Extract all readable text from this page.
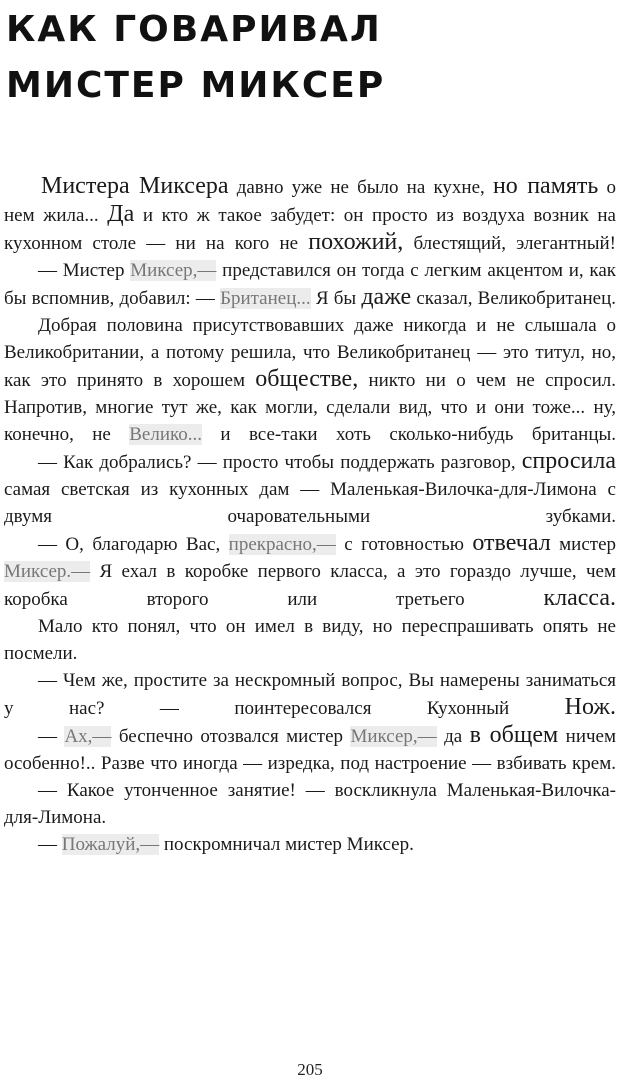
КАК ГОВАРИВАЛ
МИСТЕР МИКСЕР

Мистера Миксера давно уже не было на кухне, но память о нем жила... Да и кто ж такое забудет: он просто из воздуха возник на кухонном столе — ни на кого не похожий, блестящий, элегантный!

— Мистер Миксер,— представился он тогда с легким акцентом и, как бы вспомнив, добавил: — Британец... Я бы даже сказал, Великобританец.

Добрая половина присутствовавших даже никогда и не слышала о Великобритании, а потому решила, что Великобританец — это титул, но, как это принято в хорошем обществе, никто ни о чем не спросил. Напротив, многие тут же, как могли, сделали вид, что и они тоже... ну, конечно, не Велико... и все-таки хоть сколько-нибудь британцы.

— Как добрались? — просто чтобы поддержать разговор, спросила самая светская из кухонных дам — Маленькая-Вилочка-для-Лимона с двумя очаровательными зубками.

— О, благодарю Вас, прекрасно,— с готовностью отвечал мистер Миксер.— Я ехал в коробке первого класса, а это гораздо лучше, чем коробка второго или третьего класса.

Мало кто понял, что он имел в виду, но переспрашивать опять не посмели.

— Чем же, простите за нескромный вопрос, Вы намерены заниматься у нас? — поинтересовался Кухонный Нож.

— Ах,— беспечно отозвался мистер Миксер,— да в общем ничем особенно!.. Разве что иногда — изредка, под настроение — взбивать крем.

— Какое утонченное занятие! — воскликнула Маленькая-Вилочка-для-Лимона.

— Пожалуй,— поскромничал мистер Миксер.

205
